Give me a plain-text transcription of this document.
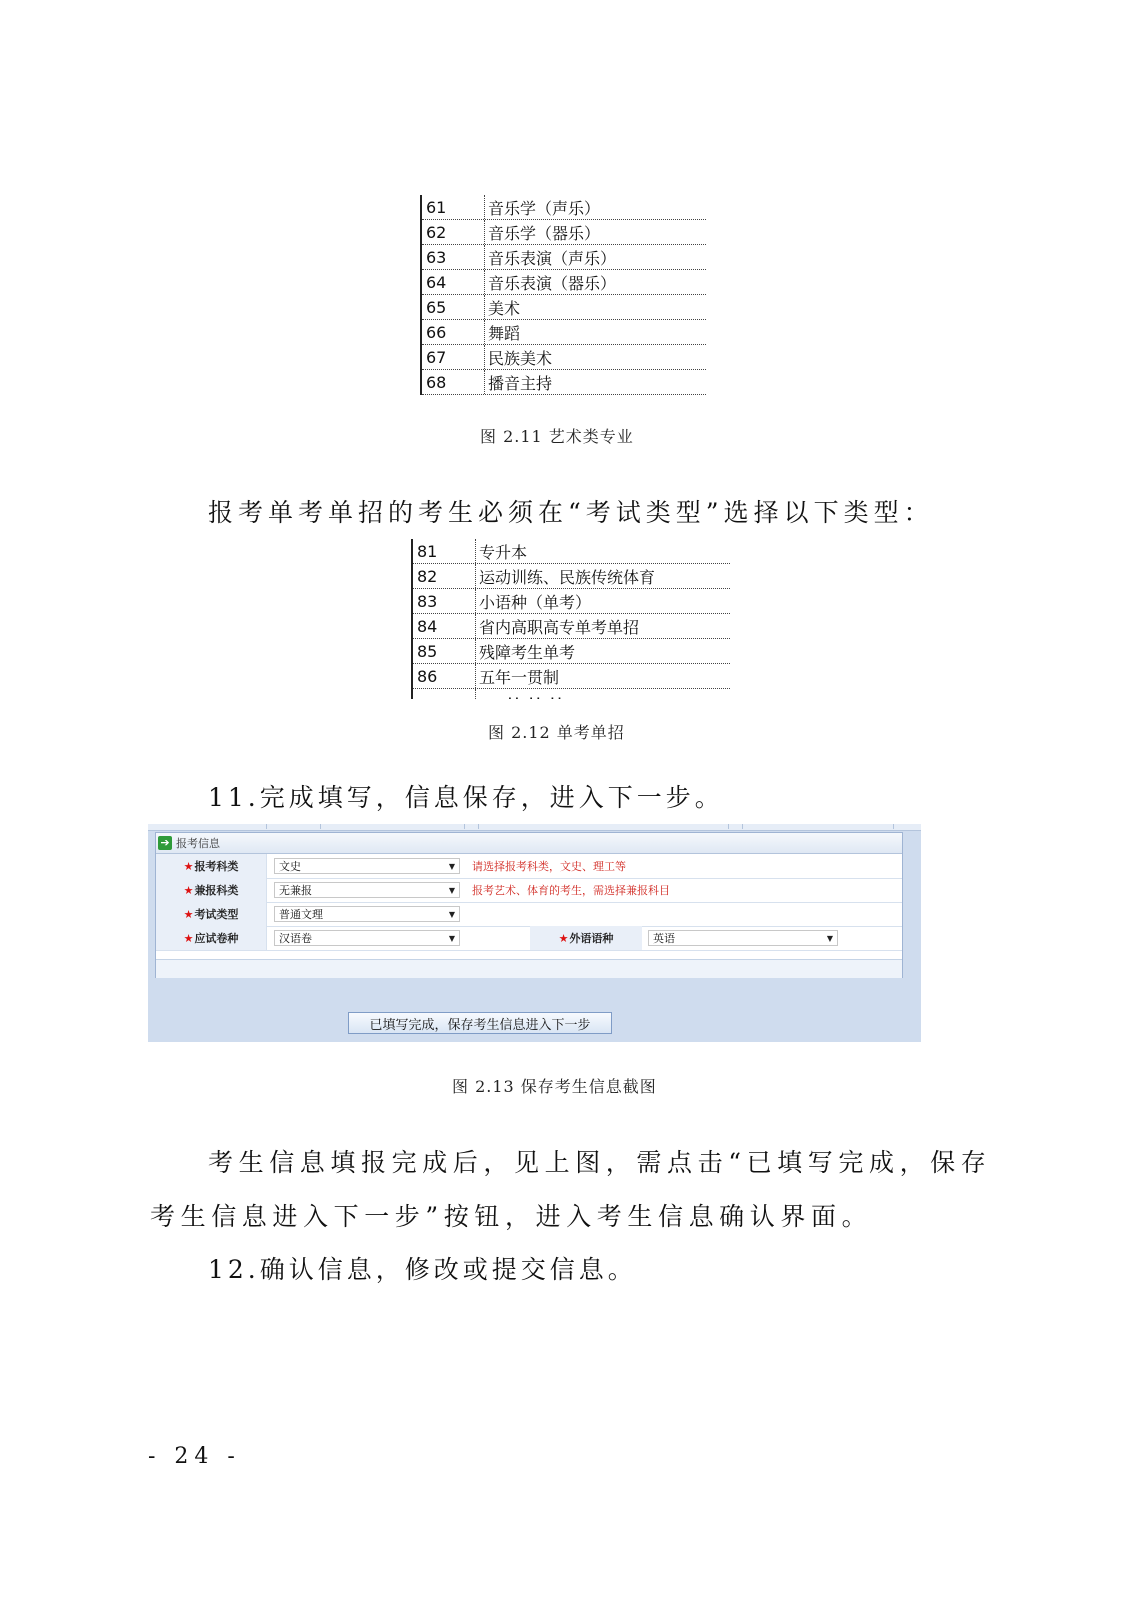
61	音乐学（声乐）
62	音乐学（器乐）
63	音乐表演（声乐）
64	音乐表演（器乐）
65	美术
66	舞蹈
67	民族美术
68	播音主持
图 2.11 艺术类专业
报考单考单招的考生必须在“考试类型”选择以下类型：
81	专升本
82	运动训练、民族传统体育
83	小语种（单考）
84	省内高职高专单考单招
85	残障考生单考
86	五年一贯制
·· ·· ··
图 2.12 单考单招
11.完成填写，信息保存，进入下一步。
➔ 报考信息
★ 报考科类	文史	▼ 请选择报考科类，文史、理工等
★ 兼报科类	无兼报	▼ 报考艺术、体育的考生，需选择兼报科目
★ 考试类型	普通文理	▼
★ 应试卷种	汉语卷	▼	★ 外语语种	英语	▼
已填写完成，保存考生信息进入下一步
图 2.13 保存考生信息截图
考生信息填报完成后，见上图，需点击“已填写完成，保存
考生信息进入下一步”按钮，进入考生信息确认界面。
12.确认信息，修改或提交信息。
- 24 -
